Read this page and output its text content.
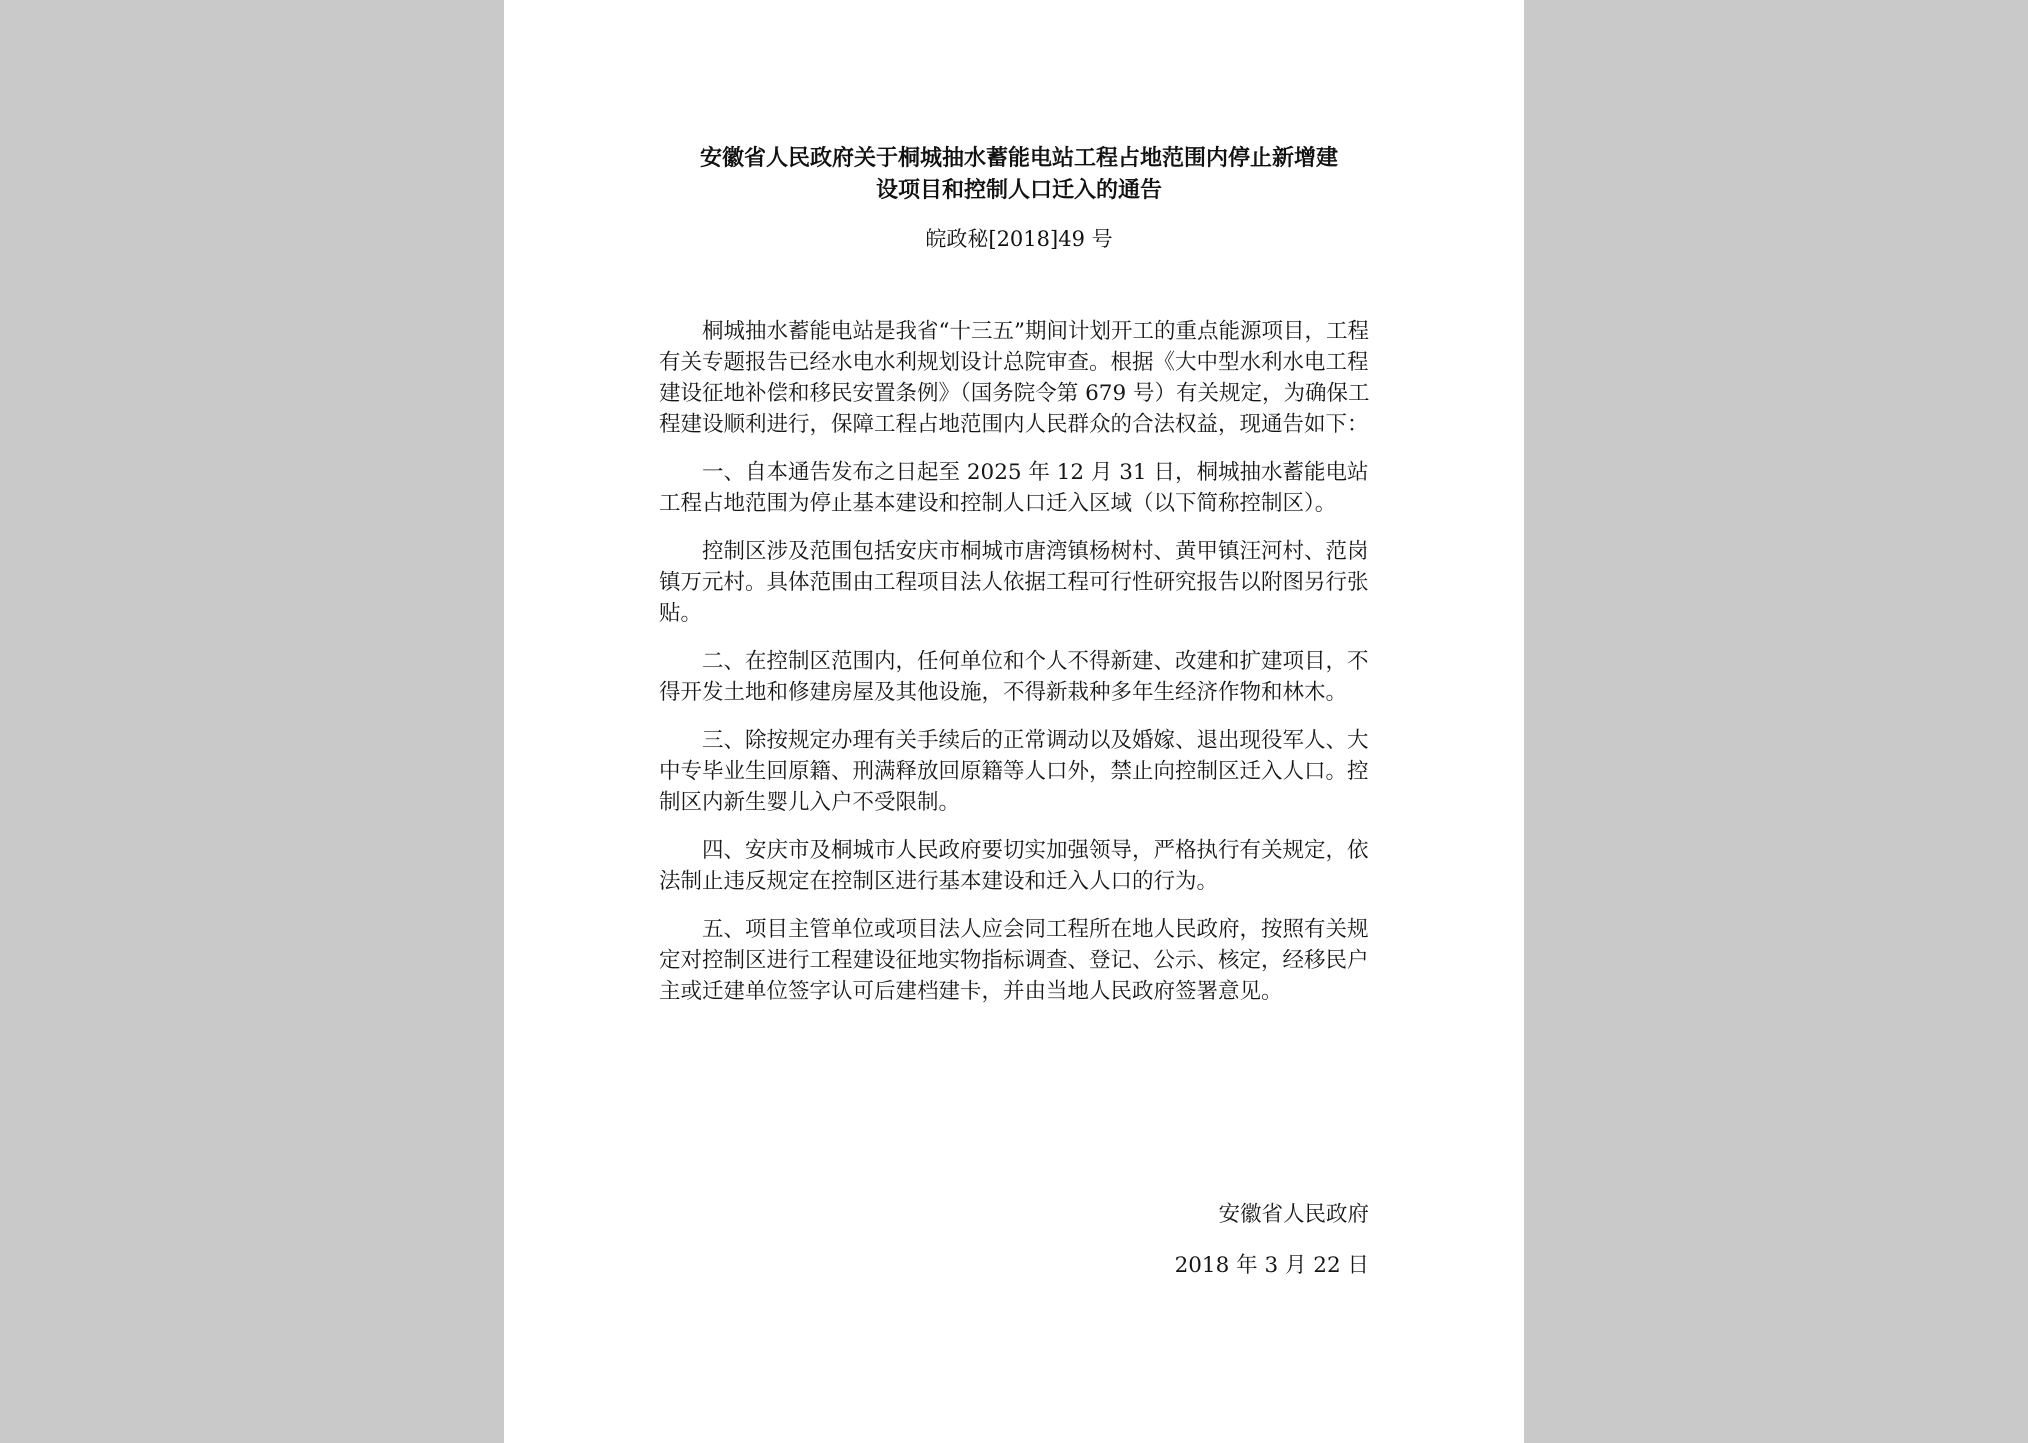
安徽省人民政府关于桐城抽水蓄能电站工程占地范围内停止新增建
设项目和控制人口迁入的通告
皖政秘[2018]49 号

桐城抽水蓄能电站是我省“十三五”期间计划开工的重点能源项目，工程有关专题报告已经水电水利规划设计总院审查。根据《大中型水利水电工程建设征地补偿和移民安置条例》（国务院令第 679 号）有关规定，为确保工程建设顺利进行，保障工程占地范围内人民群众的合法权益，现通告如下：

一、自本通告发布之日起至 2025 年 12 月 31 日，桐城抽水蓄能电站工程占地范围为停止基本建设和控制人口迁入区域（以下简称控制区）。

控制区涉及范围包括安庆市桐城市唐湾镇杨树村、黄甲镇汪河村、范岗镇万元村。具体范围由工程项目法人依据工程可行性研究报告以附图另行张贴。

二、在控制区范围内，任何单位和个人不得新建、改建和扩建项目，不得开发土地和修建房屋及其他设施，不得新栽种多年生经济作物和林木。

三、除按规定办理有关手续后的正常调动以及婚嫁、退出现役军人、大中专毕业生回原籍、刑满释放回原籍等人口外，禁止向控制区迁入人口。控制区内新生婴儿入户不受限制。

四、安庆市及桐城市人民政府要切实加强领导，严格执行有关规定，依法制止违反规定在控制区进行基本建设和迁入人口的行为。

五、项目主管单位或项目法人应会同工程所在地人民政府，按照有关规定对控制区进行工程建设征地实物指标调查、登记、公示、核定，经移民户主或迁建单位签字认可后建档建卡，并由当地人民政府签署意见。

安徽省人民政府
2018 年 3 月 22 日
